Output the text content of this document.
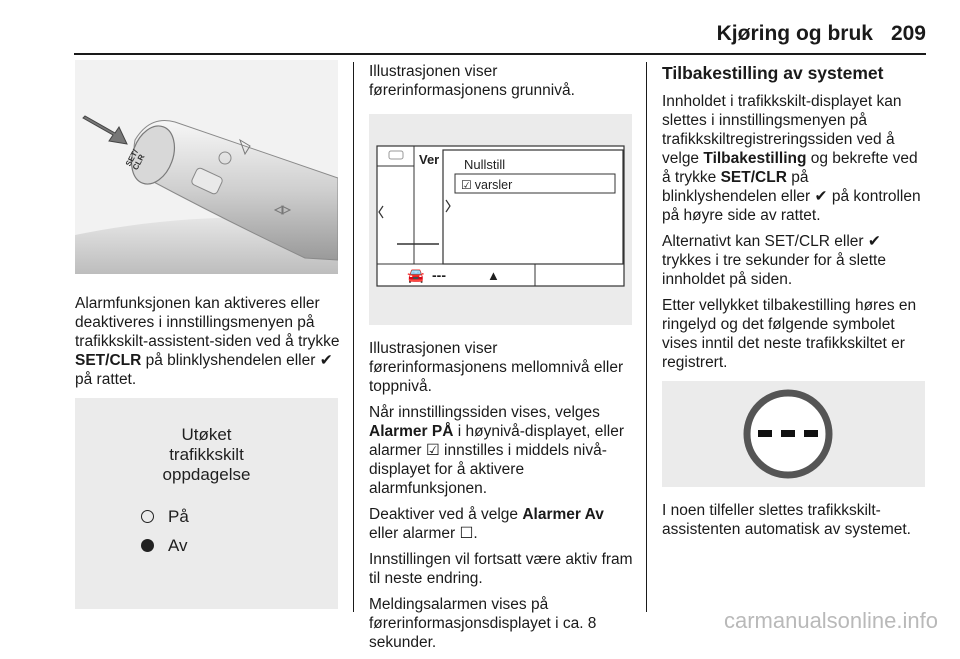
Kjøring og bruk 209
SET/
CLR

Alarmfunksjonen kan aktiveres eller deaktiveres i innstillingsmenyen på trafikkskilt-assistent-siden ved å trykke SET/CLR på blinklyshendelen eller ✔ på rattet.

Utøket
trafikkskilt
oppdagelse
På
Av

Illustrasjonen viser førerinformasjonens grunnivå.

Ver Nullstill
☑ varsler
🚘 ---	▲

Illustrasjonen viser førerinformasjonens mellomnivå eller toppnivå.

Når innstillingssiden vises, velges Alarmer PÅ i høynivå-displayet, eller alarmer ☑ innstilles i middels nivå-displayet for å aktivere alarmfunksjonen.

Deaktiver ved å velge Alarmer Av eller alarmer ☐.

Innstillingen vil fortsatt være aktiv fram til neste endring.

Meldingsalarmen vises på førerinformasjonsdisplayet i ca. 8 sekunder.

Tilbakestilling av systemet

Innholdet i trafikkskilt-displayet kan slettes i innstillingsmenyen på trafikkskiltregistreringssiden ved å velge Tilbakestilling og bekrefte ved å trykke SET/CLR på blinklyshendelen eller ✔ på kontrollen på høyre side av rattet.

Alternativt kan SET/CLR eller ✔ trykkes i tre sekunder for å slette innholdet på siden.

Etter vellykket tilbakestilling høres en ringelyd og det følgende symbolet vises inntil det neste trafikkskiltet er registrert.

I noen tilfeller slettes trafikkskilt-assistenten automatisk av systemet.

carmanualsonline.info
